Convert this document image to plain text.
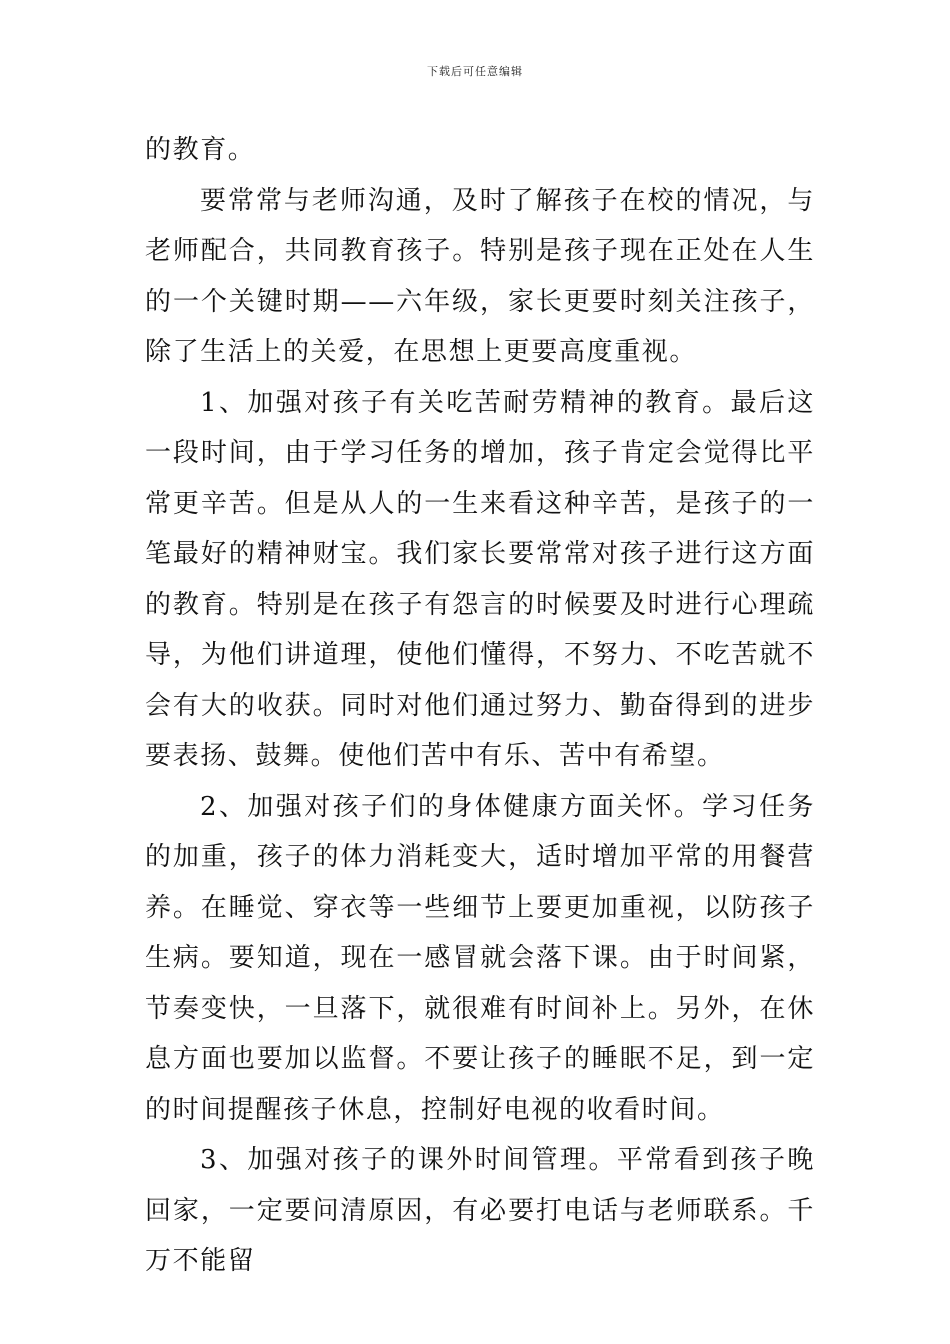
下载后可任意编辑

的教育。

要常常与老师沟通，及时了解孩子在校的情况，与老师配合，共同教育孩子。特别是孩子现在正处在人生的一个关键时期——六年级，家长更要时刻关注孩子，除了生活上的关爱，在思想上更要高度重视。

1、加强对孩子有关吃苦耐劳精神的教育。最后这一段时间，由于学习任务的增加，孩子肯定会觉得比平常更辛苦。但是从人的一生来看这种辛苦，是孩子的一笔最好的精神财宝。我们家长要常常对孩子进行这方面的教育。特别是在孩子有怨言的时候要及时进行心理疏导，为他们讲道理，使他们懂得，不努力、不吃苦就不会有大的收获。同时对他们通过努力、勤奋得到的进步要表扬、鼓舞。使他们苦中有乐、苦中有希望。

2、加强对孩子们的身体健康方面关怀。学习任务的加重，孩子的体力消耗变大，适时增加平常的用餐营养。在睡觉、穿衣等一些细节上要更加重视，以防孩子生病。要知道，现在一感冒就会落下课。由于时间紧，节奏变快，一旦落下，就很难有时间补上。另外，在休息方面也要加以监督。不要让孩子的睡眠不足，到一定的时间提醒孩子休息，控制好电视的收看时间。

3、加强对孩子的课外时间管理。平常看到孩子晚回家，一定要问清原因，有必要打电话与老师联系。千万不能留
